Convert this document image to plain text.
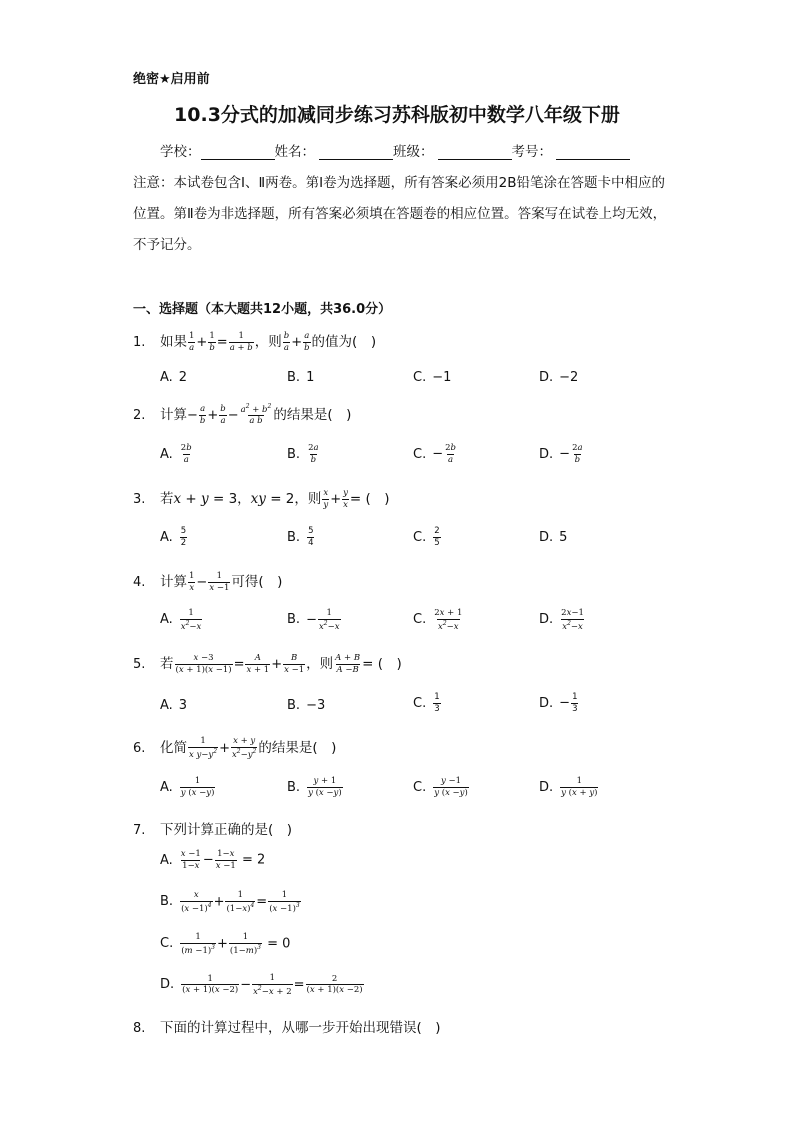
绝密★启用前
10.3分式的加减同步练习苏科版初中数学八年级下册
学校：	姓名：	班级：	考号：
注意：本试卷包含Ⅰ、Ⅱ两卷。第Ⅰ卷为选择题，所有答案必须用2B铅笔涂在答题卡中相应的位置。第Ⅱ卷为非选择题，所有答案必须填在答题卷的相应位置。答案写在试卷上均无效，不予记分。
一、选择题（本大题共12小题，共36.0分）
1. 如果 $\frac{1}{a} + \frac{1}{b} = \frac{1}{a + b}$ ，则 $\frac{b}{a} + \frac{a}{b}$ 的值为(　)
A. 2	B. 1	C. −1	D. −2
2. 计算− $\frac{a}{b} + \frac{b}{a} - \frac{a^2 + b^2}{\text{a b}}$ 的结果是(　)
A. $\frac{2b}{a}$	B. $\frac{2a}{b}$	C. − $\frac{2b}{a}$	D. − $\frac{2a}{b}$
3. 若x + y = 3，xy = 2，则 $\frac{x}{y} + \frac{y}{x}$ = (　)
A. $\frac{5}{2}$	B. $\frac{5}{4}$	C. $\frac{2}{5}$	D. 5
4. 计算 $\frac{1}{x} - \frac{1}{x -1}$ 可得(　)
A. $\frac{1}{x^2-x}$	B. − $\frac{1}{x^2-x}$	C. $\frac{2x + 1}{x^2-x}$	D. $\frac{2x-1}{x^2-x}$
5. 若 $\frac{x -3}{(x + 1)(x -1)} = \frac{A}{x + 1} + \frac{B}{x -1}$ ，则 $\frac{A + B}{A -B}$ = (　)
A. 3	B. −3	C. $\frac{1}{3}$	D. − $\frac{1}{3}$
6. 化简 $\frac{1}{x y-y^2} + \frac{x + y}{x^2-y^2}$ 的结果是(　)
A. $\frac{1}{y (x -y)}$	B. $\frac{y + 1}{y (x -y)}$	C. $\frac{y -1}{y (x -y)}$	D. $\frac{1}{y (x + y)}$
7. 下列计算正确的是(　)
A. $\frac{x -1}{1-x} - \frac{1-x}{x -1} = 2$
B. $\frac{x}{(x -1)^4} + \frac{1}{(1-x)^4} = \frac{1}{(x -1)^3}$
C. $\frac{1}{(m -1)^3} + \frac{1}{(1-m)^3} = 0$
D. $\frac{1}{(x + 1)(x -2)} - \frac{1}{x^2-x + 2} = \frac{2}{(x + 1)(x -2)}$
8. 下面的计算过程中，从哪一步开始出现错误(　)
